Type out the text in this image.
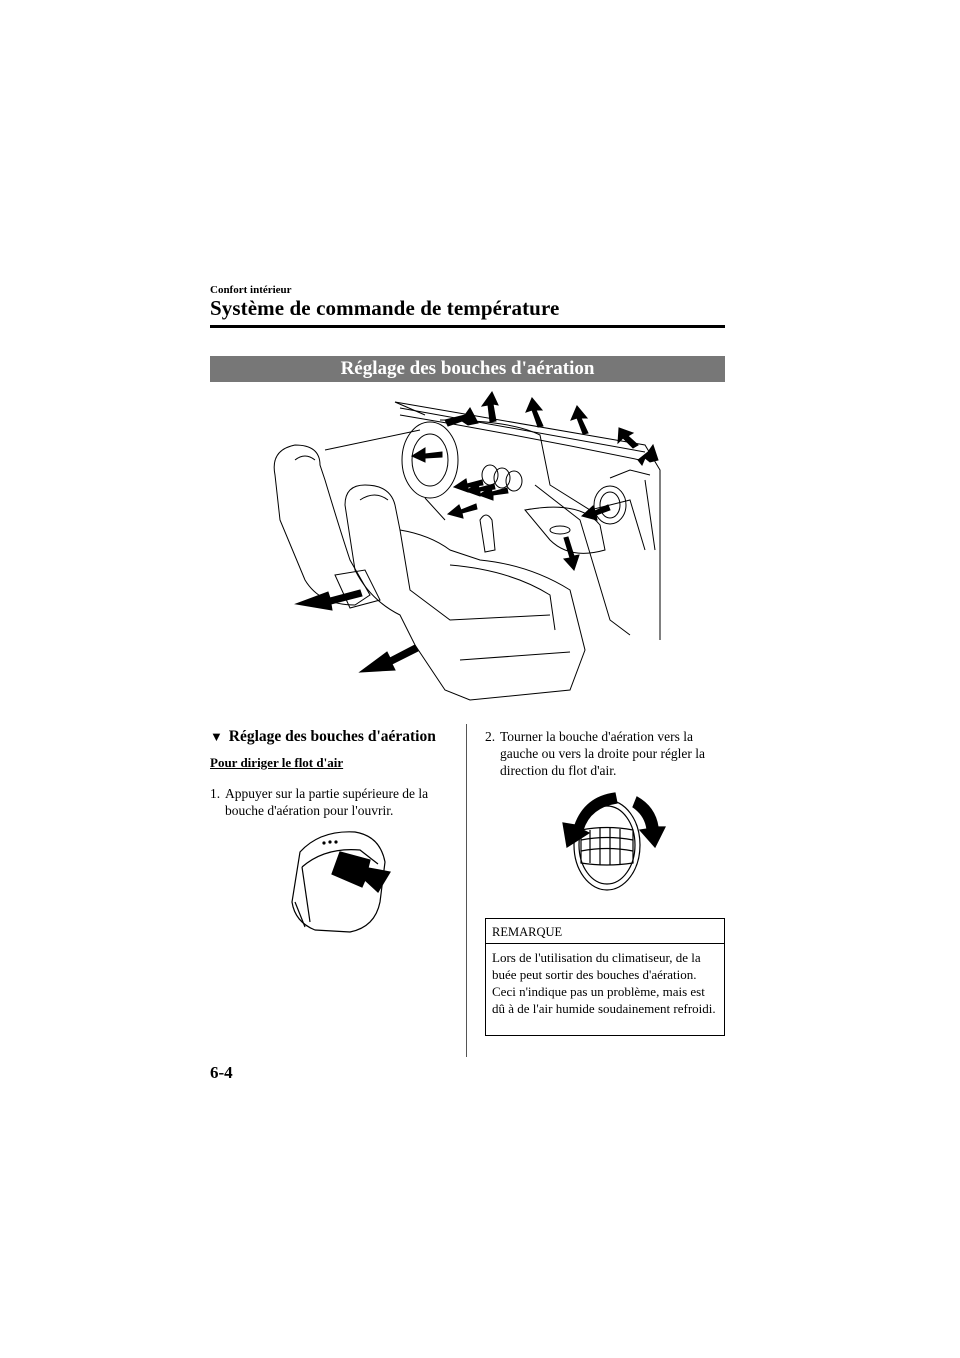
Confort intérieur
Système de commande de température
Réglage des bouches d'aération
▼ Réglage des bouches d'aération
Pour diriger le flot d'air
1. Appuyer sur la partie supérieure de la bouche d'aération pour l'ouvrir.
2. Tourner la bouche d'aération vers la gauche ou vers la droite pour régler la direction du flot d'air.
REMARQUE
Lors de l'utilisation du climatiseur, de la buée peut sortir des bouches d'aération. Ceci n'indique pas un problème, mais est dû à de l'air humide soudainement refroidi.
6-4
